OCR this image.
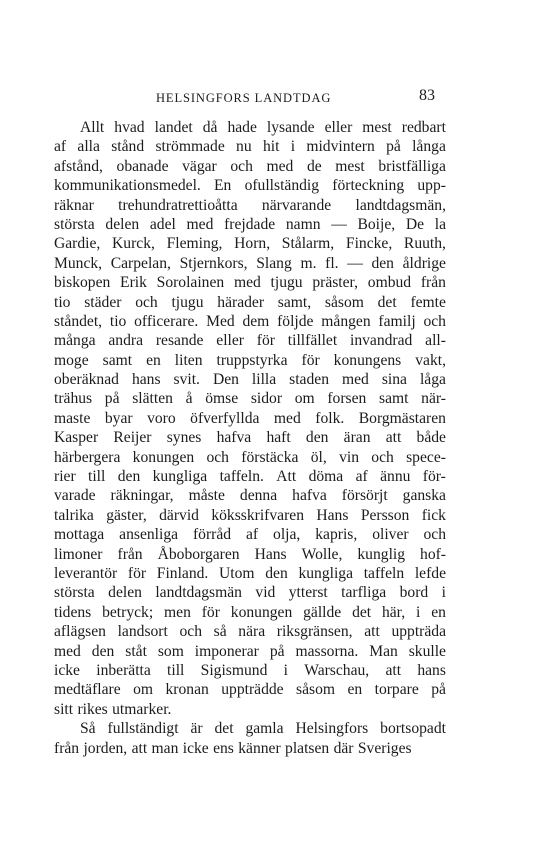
HELSINGFORS LANDTDAG	83
Allt hvad landet då hade lysande eller mest redbart
af alla stånd strömmade nu hit i midvintern på långa
afstånd, obanade vägar och med de mest bristfälliga
kommunikationsmedel. En ofullständig förteckning upp-
räknar trehundratrettioåtta närvarande landtdagsmän,
största delen adel med frejdade namn — Boije, De la
Gardie, Kurck, Fleming, Horn, Stålarm, Fincke, Ruuth,
Munck, Carpelan, Stjernkors, Slang m. fl. — den åldrige
biskopen Erik Sorolainen med tjugu präster, ombud från
tio städer och tjugu härader samt, såsom det femte
ståndet, tio officerare. Med dem följde mången familj och
många andra resande eller för tillfället invandrad all-
moge samt en liten truppstyrka för konungens vakt,
oberäknad hans svit. Den lilla staden med sina låga
trähus på slätten å ömse sidor om forsen samt när-
maste byar voro öfverfyllda med folk. Borgmästaren
Kasper Reijer synes hafva haft den äran att både
härbergera konungen och förstäcka öl, vin och spece-
rier till den kungliga taffeln. Att döma af ännu för-
varade räkningar, måste denna hafva försörjt ganska
talrika gäster, därvid köksskrifvaren Hans Persson fick
mottaga ansenliga förråd af olja, kapris, oliver och
limoner från Åboborgaren Hans Wolle, kunglig hof-
leverantör för Finland. Utom den kungliga taffeln lefde
största delen landtdagsmän vid ytterst tarfliga bord i
tidens betryck; men för konungen gällde det här, i en
aflägsen landsort och så nära riksgränsen, att uppträda
med den ståt som imponerar på massorna. Man skulle
icke inberätta till Sigismund i Warschau, att hans
medtäflare om kronan uppträdde såsom en torpare på
sitt rikes utmarker.
Så fullständigt är det gamla Helsingfors bortsopadt
från jorden, att man icke ens känner platsen där Sveriges
